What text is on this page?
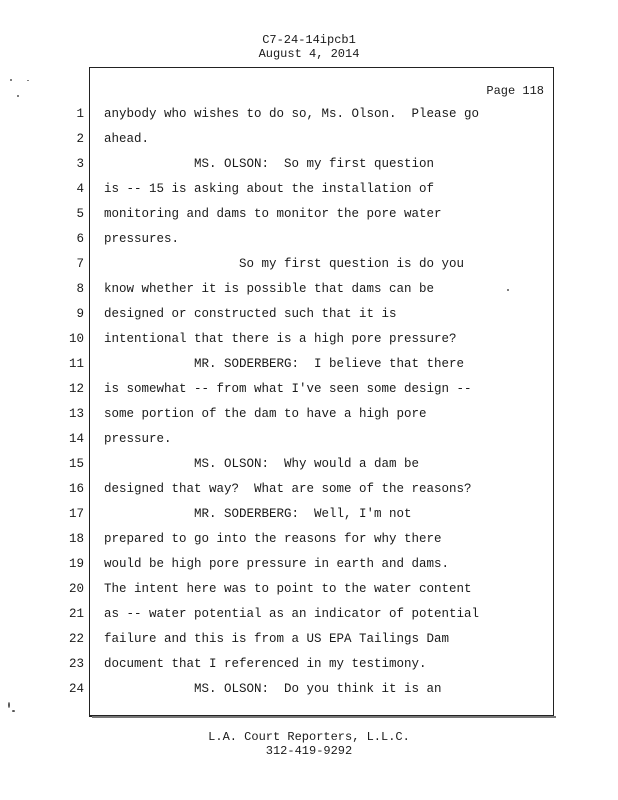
C7-24-14ipcb1
August 4, 2014
Page 118
1 anybody who wishes to do so, Ms. Olson.  Please go
2 ahead.
3 MS. OLSON:  So my first question
4 is -- 15 is asking about the installation of
5 monitoring and dams to monitor the pore water
6 pressures.
7 So my first question is do you
8 know whether it is possible that dams can be
9 designed or constructed such that it is
10 intentional that there is a high pore pressure?
11 MR. SODERBERG:  I believe that there
12 is somewhat -- from what I've seen some design --
13 some portion of the dam to have a high pore
14 pressure.
15 MS. OLSON:  Why would a dam be
16 designed that way?  What are some of the reasons?
17 MR. SODERBERG:  Well, I'm not
18 prepared to go into the reasons for why there
19 would be high pore pressure in earth and dams.
20 The intent here was to point to the water content
21 as -- water potential as an indicator of potential
22 failure and this is from a US EPA Tailings Dam
23 document that I referenced in my testimony.
24 MS. OLSON:  Do you think it is an
L.A. Court Reporters, L.L.C.
312-419-9292
